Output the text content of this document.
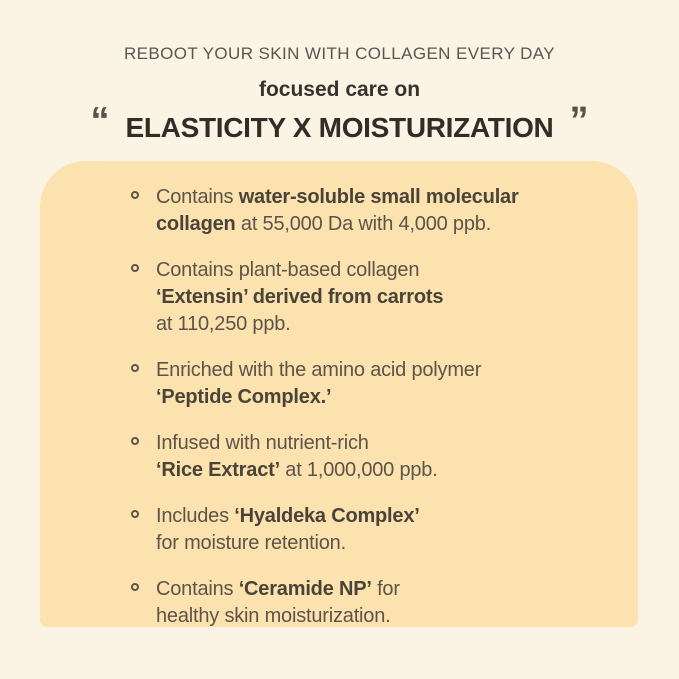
REBOOT YOUR SKIN WITH COLLAGEN EVERY DAY
focused care on
“ ELASTICITY X MOISTURIZATION ”
Contains water-soluble small molecular
collagen at 55,000 Da with 4,000 ppb.
Contains plant-based collagen
‘Extensin’ derived from carrots
at 110,250 ppb.
Enriched with the amino acid polymer
‘Peptide Complex.’
Infused with nutrient-rich
‘Rice Extract’ at 1,000,000 ppb.
Includes ‘Hyaldeka Complex’
for moisture retention.
Contains ‘Ceramide NP’ for
healthy skin moisturization.
